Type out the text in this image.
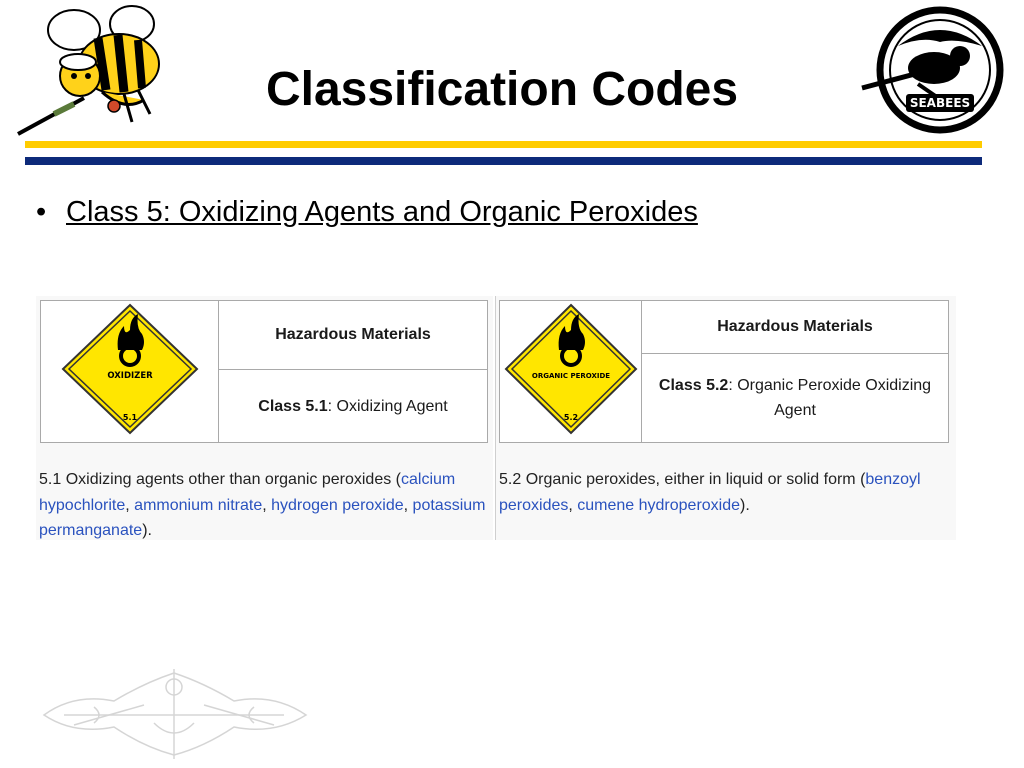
Classification Codes	SEABEES
• Class 5: Oxidizing Agents and Organic Peroxides
OXIDIZER
5.1
	Hazardous Materials
Class 5.1: Oxidizing Agent
5.1 Oxidizing agents other than organic peroxides (calcium hypochlorite, ammonium nitrate, hydrogen peroxide, potassium permanganate).
ORGANIC PEROXIDE
5.2
	Hazardous Materials
Class 5.2: Organic Peroxide Oxidizing Agent
5.2 Organic peroxides, either in liquid or solid form (benzoyl peroxides, cumene hydroperoxide).
